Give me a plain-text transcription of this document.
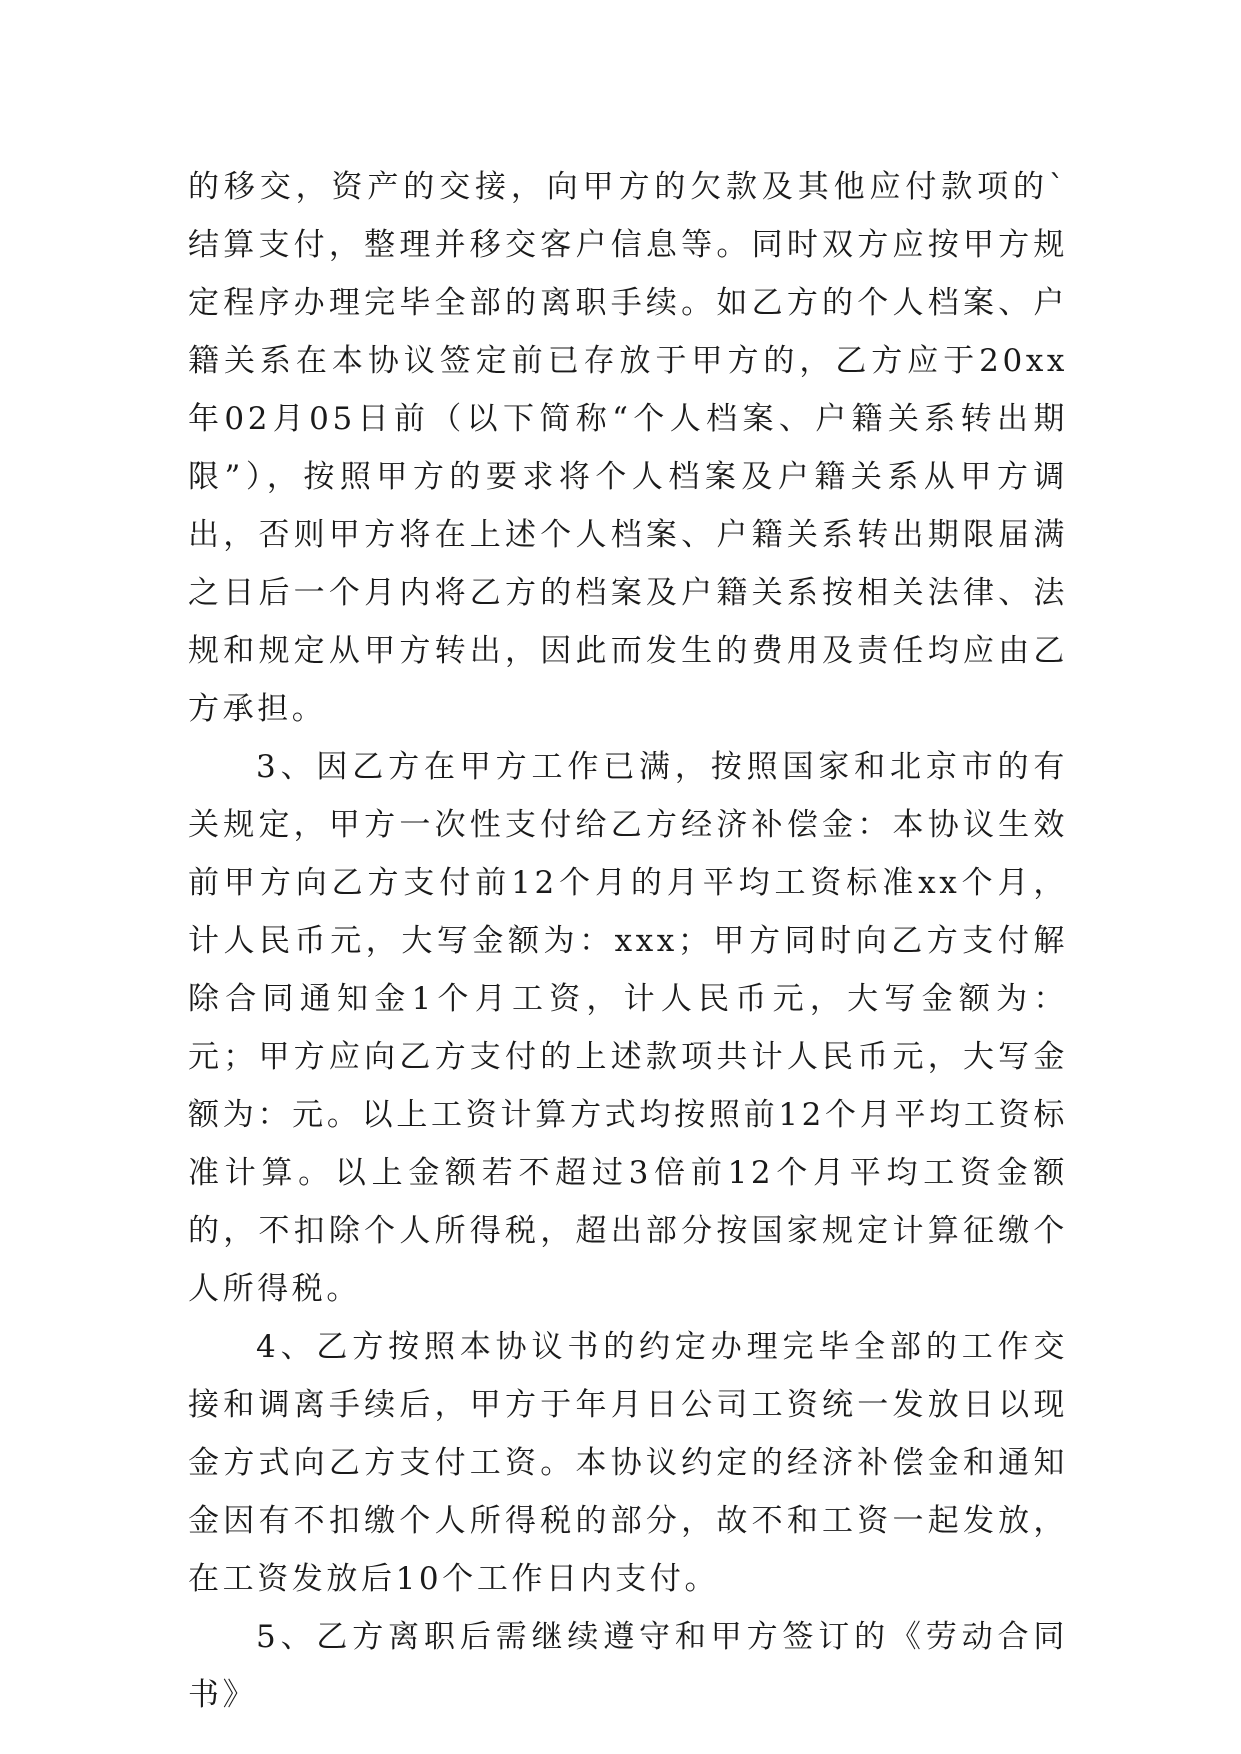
的移交，资产的交接，向甲方的欠款及其他应付款项的`结算支付，整理并移交客户信息等。同时双方应按甲方规定程序办理完毕全部的离职手续。如乙方的个人档案、户籍关系在本协议签定前已存放于甲方的，乙方应于20xx年02月05日前（以下简称“个人档案、户籍关系转出期限”），按照甲方的要求将个人档案及户籍关系从甲方调出，否则甲方将在上述个人档案、户籍关系转出期限届满之日后一个月内将乙方的档案及户籍关系按相关法律、法规和规定从甲方转出，因此而发生的费用及责任均应由乙方承担。

3、因乙方在甲方工作已满，按照国家和北京市的有关规定，甲方一次性支付给乙方经济补偿金：本协议生效前甲方向乙方支付前12个月的月平均工资标准xx个月，计人民币元，大写金额为：xxx；甲方同时向乙方支付解除合同通知金1个月工资，计人民币元，大写金额为：元；甲方应向乙方支付的上述款项共计人民币元，大写金额为：元。以上工资计算方式均按照前12个月平均工资标准计算。以上金额若不超过3倍前12个月平均工资金额的，不扣除个人所得税，超出部分按国家规定计算征缴个人所得税。

4、乙方按照本协议书的约定办理完毕全部的工作交接和调离手续后，甲方于年月日公司工资统一发放日以现金方式向乙方支付工资。本协议约定的经济补偿金和通知金因有不扣缴个人所得税的部分，故不和工资一起发放，在工资发放后10个工作日内支付。

5、乙方离职后需继续遵守和甲方签订的《劳动合同书》
